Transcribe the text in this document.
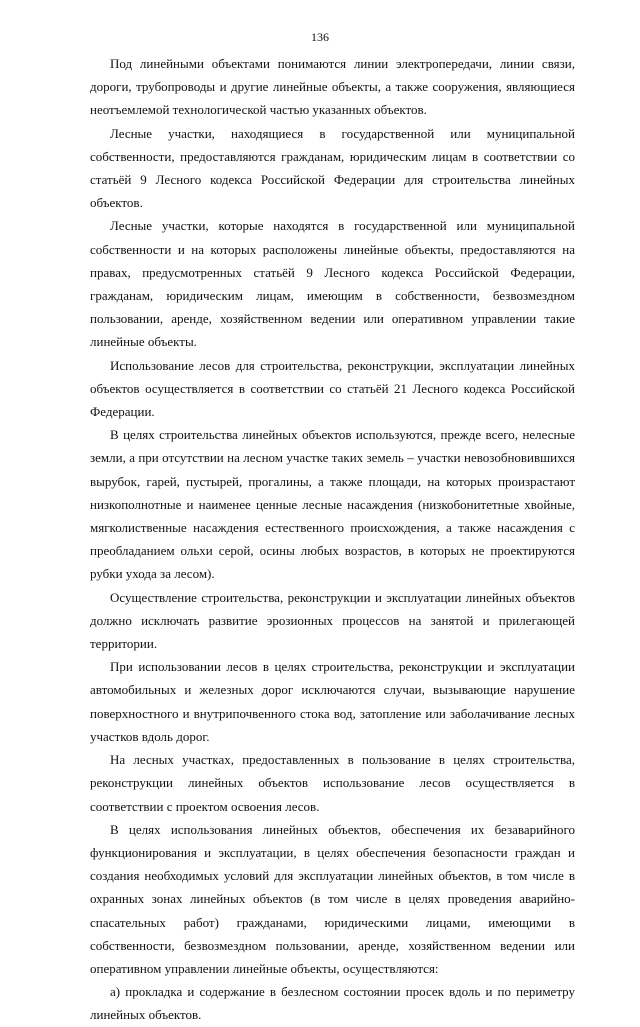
136

Под линейными объектами понимаются линии электропередачи, линии связи, дороги, трубопроводы и другие линейные объекты, а также сооружения, являющиеся неотъемлемой технологической частью указанных объектов.

Лесные участки, находящиеся в государственной или муниципальной собственности, предоставляются гражданам, юридическим лицам в соответствии со статьёй 9 Лесного кодекса Российской Федерации для строительства линейных объектов.

Лесные участки, которые находятся в государственной или муниципальной собственности и на которых расположены линейные объекты, предоставляются на правах, предусмотренных статьёй 9 Лесного кодекса Российской Федерации, гражданам, юридическим лицам, имеющим в собственности, безвозмездном пользовании, аренде, хозяйственном ведении или оперативном управлении такие линейные объекты.

Использование лесов для строительства, реконструкции, эксплуатации линейных объектов осуществляется в соответствии со статьёй 21 Лесного кодекса Российской Федерации.

В целях строительства линейных объектов используются, прежде всего, нелесные земли, а при отсутствии на лесном участке таких земель – участки невозобновившихся вырубок, гарей, пустырей, прогалины, а также площади, на которых произрастают низкополнотные и наименее ценные лесные насаждения (низкобонитетные хвойные, мягколиственные насаждения естественного происхождения, а также насаждения с преобладанием ольхи серой, осины любых возрастов, в которых не проектируются рубки ухода за лесом).

Осуществление строительства, реконструкции и эксплуатации линейных объектов должно исключать развитие эрозионных процессов на занятой и прилегающей территории.

При использовании лесов в целях строительства, реконструкции и эксплуатации автомобильных и железных дорог исключаются случаи, вызывающие нарушение поверхностного и внутрипочвенного стока вод, затопление или заболачивание лесных участков вдоль дорог.

На лесных участках, предоставленных в пользование в целях строительства, реконструкции линейных объектов использование лесов осуществляется в соответствии с проектом освоения лесов.

В целях использования линейных объектов, обеспечения их безаварийного функционирования и эксплуатации, в целях обеспечения безопасности граждан и создания необходимых условий для эксплуатации линейных объектов, в том числе в охранных зонах линейных объектов (в том числе в целях проведения аварийно-спасательных работ) гражданами, юридическими лицами, имеющими в собственности, безвозмездном пользовании, аренде, хозяйственном ведении или оперативном управлении линейные объекты, осуществляются:

а) прокладка и содержание в безлесном состоянии просек вдоль и по периметру линейных объектов.
